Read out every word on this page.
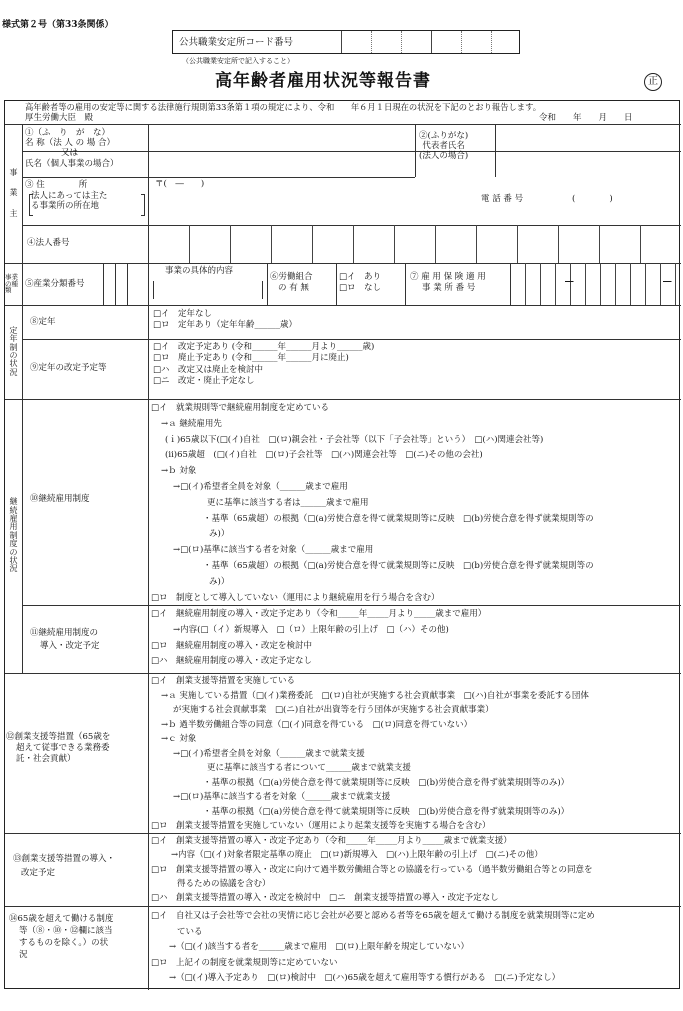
様式第２号（第33条関係）
公共職業安定所コード番号
（公共職業安定所で記入すること）
高年齢者雇用状況等報告書	正
高年齢者等の雇用の安定等に関する法律施行規則第33条第１項の規定により、令和　　年６月１日現在の状況を下記のとおり報告します。
厚生労働大臣　殿	令和　　年　　月　　日
―	―
事
業
主
①（ふ　り　が　な）
名 称（法 人 の 場 合）
又は
氏名（個人事業の場合）
②(ふりがな)
代表者氏名
(法人の場合)
③ 住　　　　所
法人にあっては主た
る事業所の所在地
〒(　―　　)
電 話 番 号	(　　　　)
④法人番号
事業の種類
⑤産業分類番号
事業の具体的内容
⑥労働組合
の 有 無
□イ　あり
□ロ　なし
⑦ 雇 用 保 険 適 用
事 業 所 番 号
定
年
制
の
状
況
⑧定年
□イ　定年なし
□ロ　定年あり（定年年齢______歳）
⑨定年の改定予定等
□イ　改定予定あり (令和______年______月より______歳)
□ロ　廃止予定あり (令和______年______月に廃止)
□ハ　改定又は廃止を検討中
□ニ　改定・廃止予定なし
継
続
雇
用
制
度
の
状
況
⑩継続雇用制度
□イ　就業規則等で継続雇用制度を定めている
→ａ 継続雇用先
(ｉ)65歳以下(□(イ)自社　□(ロ)親会社・子会社等（以下「子会社等」という）　□(ハ)関連会社等)
(ⅱ)65歳超　(□(イ)自社　□(ロ)子会社等　□(ハ)関連会社等　□(ニ)その他の会社)
→ｂ 対象
→□(イ)希望者全員を対象（______歳まで雇用
更に基準に該当する者は______歳まで雇用
・基準（65歳超）の根拠（□(a)労使合意を得て就業規則等に反映　□(b)労使合意を得ず就業規則等の
み)）
→□(ロ)基準に該当する者を対象（______歳まで雇用
・基準（65歳超）の根拠（□(a)労使合意を得て就業規則等に反映　□(b)労使合意を得ず就業規則等の
み)）
□ロ　制度として導入していない（運用により継続雇用を行う場合を含む）
⑪継続雇用制度の
導入・改定予定
□イ　継続雇用制度の導入・改定予定あり（令和_____年_____月より_____歳まで雇用）
→内容(□（イ）新規導入　□（ロ）上限年齢の引上げ　□（ハ）その他)
□ロ　継続雇用制度の導入・改定を検討中
□ハ　継続雇用制度の導入・改定予定なし
⑫創業支援等措置（65歳を
超えて従事できる業務委
託・社会貢献）
□イ　創業支援等措置を実施している
→ａ 実施している措置（□(イ)業務委託　□(ロ)自社が実施する社会貢献事業　□(ハ)自社が事業を委託する団体
が実施する社会貢献事業　□(ニ)自社が出資等を行う団体が実施する社会貢献事業）
→ｂ 過半数労働組合等の同意（□(イ)同意を得ている　□(ロ)同意を得ていない）
→ｃ 対象
→□(イ)希望者全員を対象（______歳まで就業支援
更に基準に該当する者について______歳まで就業支援
・基準の根拠（□(a)労使合意を得て就業規則等に反映　□(b)労使合意を得ず就業規則等のみ)）
→□(ロ)基準に該当する者を対象（______歳まで就業支援
・基準の根拠（□(a)労使合意を得て就業規則等に反映　□(b)労使合意を得ず就業規則等のみ)）
□ロ　創業支援等措置を実施していない（運用により起業支援等を実施する場合を含む）
⑬創業支援等措置の導入・
改定予定
□イ　創業支援等措置の導入・改定予定あり（令和_____年_____月より_____歳まで就業支援）
→内容（□(イ)対象者限定基準の廃止　□(ロ)新規導入　□(ハ)上限年齢の引上げ　□(ニ)その他）
□ロ　創業支援等措置の導入・改定に向けて過半数労働組合等との協議を行っている（過半数労働組合等との同意を
得るための協議を含む）
□ハ　創業支援等措置の導入・改定を検討中　□ニ　創業支援等措置の導入・改定予定なし
⑭65歳を超えて働ける制度
等（⑧・⑩・⑫欄に該当
するものを除く。）の状
況
□イ　自社又は子会社等で会社の実情に応じ会社が必要と認める者等を65歳を超えて働ける制度を就業規則等に定め
ている
→（□(イ)該当する者を______歳まで雇用　□(ロ)上限年齢を規定していない）
□ロ　上記イの制度を就業規則等に定めていない
→（□(イ)導入予定あり　□(ロ)検討中　□(ハ)65歳を超えて雇用等する慣行がある　□(ニ)予定なし）
